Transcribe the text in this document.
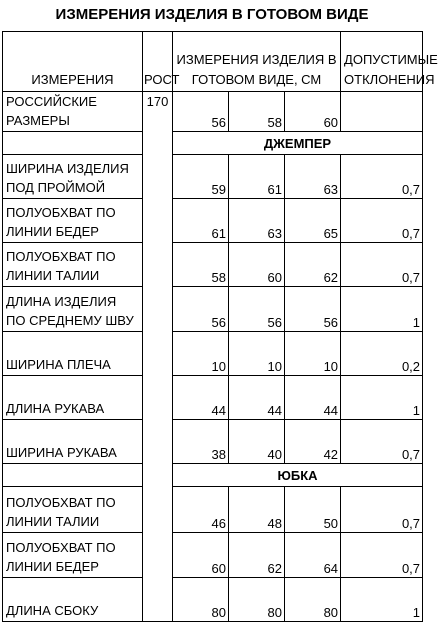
ИЗМЕРЕНИЯ ИЗДЕЛИЯ В ГОТОВОМ ВИДЕ
ИЗМЕРЕНИЯ	РОСТ	ИЗМЕРЕНИЯ ИЗДЕЛИЯ В ГОТОВОМ ВИДЕ, СМ			ДОПУСТИМЫЕ ОТКЛОНЕНИЯ
РОССИЙСКИЕ РАЗМЕРЫ	170	56	58	60	
		ДЖЕМПЕР			
ШИРИНА ИЗДЕЛИЯ ПОД ПРОЙМОЙ		59	61	63	0,7
ПОЛУОБХВАТ ПО ЛИНИИ БЕДЕР		61	63	65	0,7
ПОЛУОБХВАТ ПО ЛИНИИ ТАЛИИ		58	60	62	0,7
ДЛИНА ИЗДЕЛИЯ ПО СРЕДНЕМУ ШВУ		56	56	56	1
ШИРИНА ПЛЕЧА		10	10	10	0,2
ДЛИНА РУКАВА		44	44	44	1
ШИРИНА РУКАВА		38	40	42	0,7
		ЮБКА			
ПОЛУОБХВАТ ПО ЛИНИИ ТАЛИИ		46	48	50	0,7
ПОЛУОБХВАТ ПО ЛИНИИ БЕДЕР		60	62	64	0,7
ДЛИНА СБОКУ		80	80	80	1
